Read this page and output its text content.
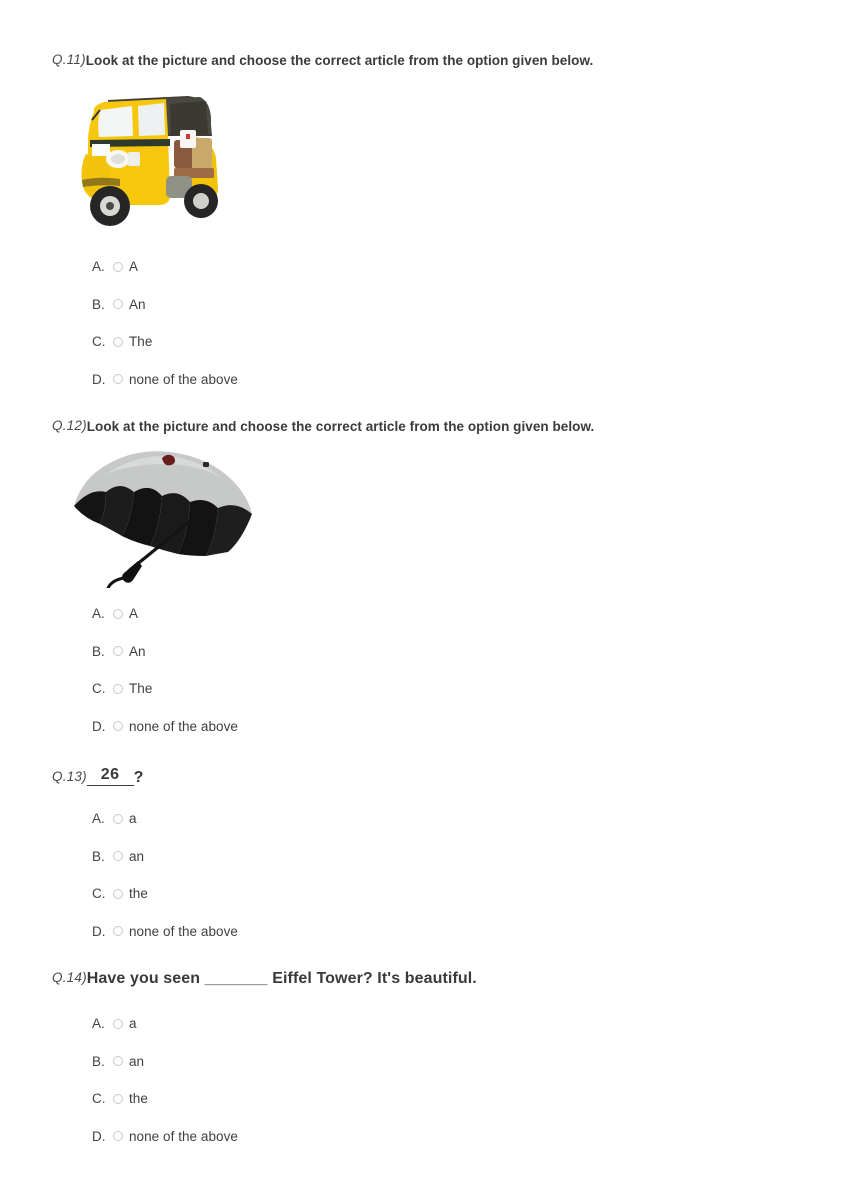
Q.11) Look at the picture and choose the correct article from the option given below.
A.	A
B.	An
C.	The
D.	none of the above
Q.12) Look at the picture and choose the correct article from the option given below.
A.	A
B.	An
C.	The
D.	none of the above
Q.13) 26 ?
A.	a
B.	an
C.	the
D.	none of the above
Q.14) Have you seen _______ Eiffel Tower? It's beautiful.
A.	a
B.	an
C.	the
D.	none of the above
